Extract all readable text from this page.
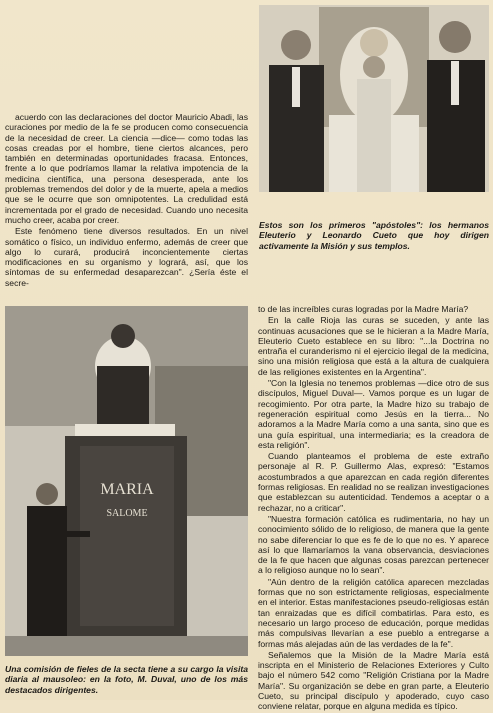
Estos son los primeros "apóstoles": los hermanos Eleuterio y Leonardo Cueto que hoy dirigen activamente la Misión y sus templos.

acuerdo con las declaraciones del doctor Mauricio Abadi, las curaciones por medio de la fe se producen como consecuencia de la necesidad de creer. La ciencia —dice— como todas las cosas creadas por el hombre, tiene ciertos alcances, pero también en determinadas oportunidades fracasa. Entonces, frente a lo que podríamos llamar la relativa impotencia de la medicina científica, una persona desesperada, ante los problemas tremendos del dolor y de la muerte, apela a medios que se le ocurre que son omnipotentes. La credulidad está incrementada por el grado de necesidad. Cuando uno necesita mucho creer, acaba por creer.

Este fenómeno tiene diversos resultados. En un nivel somático o físico, un individuo enfermo, además de creer que algo lo curará, producirá inconcientemente ciertas modificaciones en su organismo y logrará, así, que los síntomas de su enfermedad desaparezcan". ¿Sería éste el secre-

MARIA
SALOME
Una comisión de fieles de la secta tiene a su cargo la visita diaria al mausoleo: en la foto, M. Duval, uno de los más destacados dirigentes.

to de las increíbles curas logradas por la Madre María?

En la calle Rioja las curas se suceden, y ante las continuas acusaciones que se le hicieran a la Madre María, Eleuterio Cueto establece en su libro: "...la Doctrina no entraña el curanderismo ni el ejercicio ilegal de la medicina, sino una misión religiosa que está a la altura de cualquiera de las religiones existentes en la Argentina".

"Con la Iglesia no tenemos problemas —dice otro de sus discípulos, Miguel Duval—. Vamos porque es un lugar de recogimiento. Por otra parte, la Madre hizo su trabajo de regeneración espiritual como Jesús en la tierra... No adoramos a la Madre María como a una santa, sino que es una guía espiritual, una intermediaria; es la creadora de esta religión".

Cuando planteamos el problema de este extraño personaje al R. P. Guillermo Alas, expresó: "Estamos acostumbrados a que aparezcan en cada región diferentes formas religiosas. En realidad no se realizan investigaciones que establezcan su autenticidad. Tendemos a aceptar o a rechazar, no a criticar".

"Nuestra formación católica es rudimentaria, no hay un conocimiento sólido de lo religioso, de manera que la gente no sabe diferenciar lo que es fe de lo que no es. Y aparece así lo que llamaríamos la vana observancia, desviaciones de la fe que hacen que algunas cosas parezcan pertenecer a lo religioso aunque no lo sean".

"Aún dentro de la religión católica aparecen mezcladas formas que no son estrictamente religiosas, especialmente en el interior. Estas manifestaciones pseudo-religiosas están tan enraizadas que es difícil combatirlas. Para esto, es necesario un largo proceso de educación, porque medidas más compulsivas llevarían a ese pueblo a entregarse a formas más alejadas aún de las verdades de la fe".

Señalemos que la Misión de la Madre María está inscripta en el Ministerio de Relaciones Exteriores y Culto bajo el número 542 como "Religión Cristiana por la Madre María". Su organización se debe en gran parte, a Eleuterio Cueto, su principal discípulo y apoderado, cuyo caso conviene relatar, porque en alguna medida es típico.
